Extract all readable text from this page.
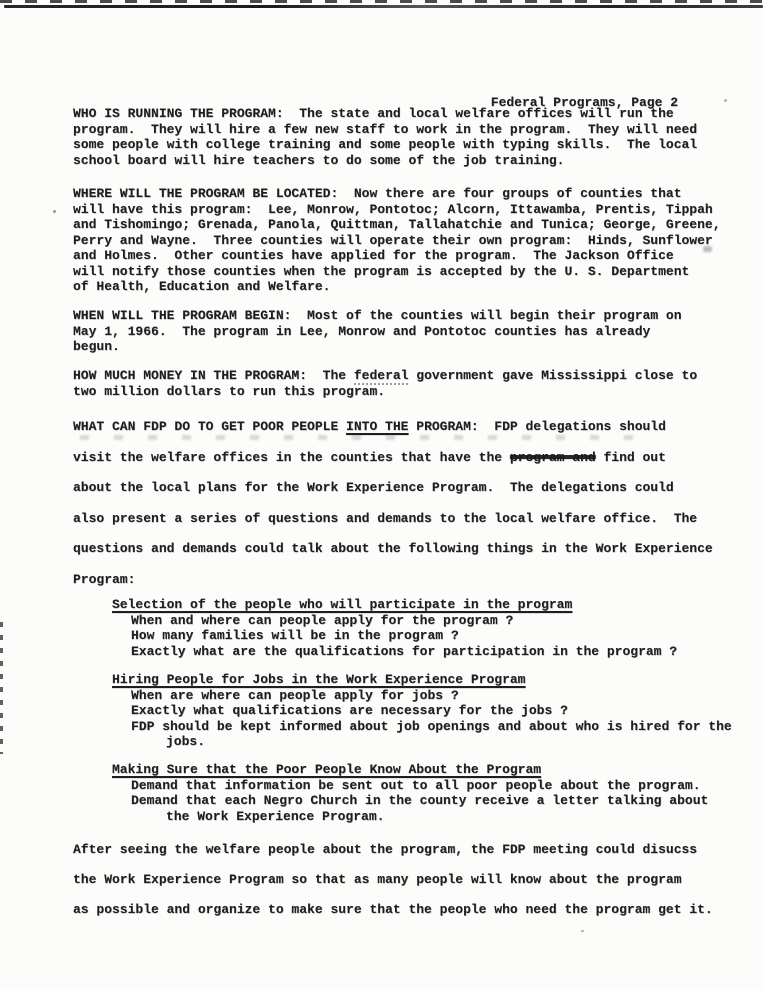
Federal Programs, Page 2

WHO IS RUNNING THE PROGRAM:  The state and local welfare offices will run the
program.  They will hire a few new staff to work in the program.  They will need
some people with college training and some people with typing skills.  The local
school board will hire teachers to do some of the job training.
WHERE WILL THE PROGRAM BE LOCATED:  Now there are four groups of counties that
will have this program:  Lee, Monrow, Pontotoc; Alcorn, Ittawamba, Prentis, Tippah
and Tishomingo; Grenada, Panola, Quittman, Tallahatchie and Tunica; George, Greene,
Perry and Wayne.  Three counties will operate their own program:  Hinds, Sunflower
and Holmes.  Other counties have applied for the program.  The Jackson Office
will notify those counties when the program is accepted by the U. S. Department
of Health, Education and Welfare.
WHEN WILL THE PROGRAM BEGIN:  Most of the counties will begin their program on
May 1, 1966.  The program in Lee, Monrow and Pontotoc counties has already
begun.
HOW MUCH MONEY IN THE PROGRAM:  The federal government gave Mississippi close to
two million dollars to run this program.
WHAT CAN FDP DO TO GET POOR PEOPLE INTO THE PROGRAM:  FDP delegations should
visit the welfare offices in the counties that have the program and find out
about the local plans for the Work Experience Program.  The delegations could
also present a series of questions and demands to the local welfare office.  The
questions and demands could talk about the following things in the Work Experience
Program:
Selection of the people who will participate in the program
When and where can people apply for the program ?
How many families will be in the program ?
Exactly what are the qualifications for participation in the program ?
Hiring People for Jobs in the Work Experience Program
When are where can people apply for jobs ?
Exactly what qualifications are necessary for the jobs ?
FDP should be kept informed about job openings and about who is hired for the
jobs.
Making Sure that the Poor People Know About the Program
Demand that information be sent out to all poor people about the program.
Demand that each Negro Church in the county receive a letter talking about
the Work Experience Program.
After seeing the welfare people about the program, the FDP meeting could disucss
the Work Experience Program so that as many people will know about the program
as possible and organize to make sure that the people who need the program get it.
